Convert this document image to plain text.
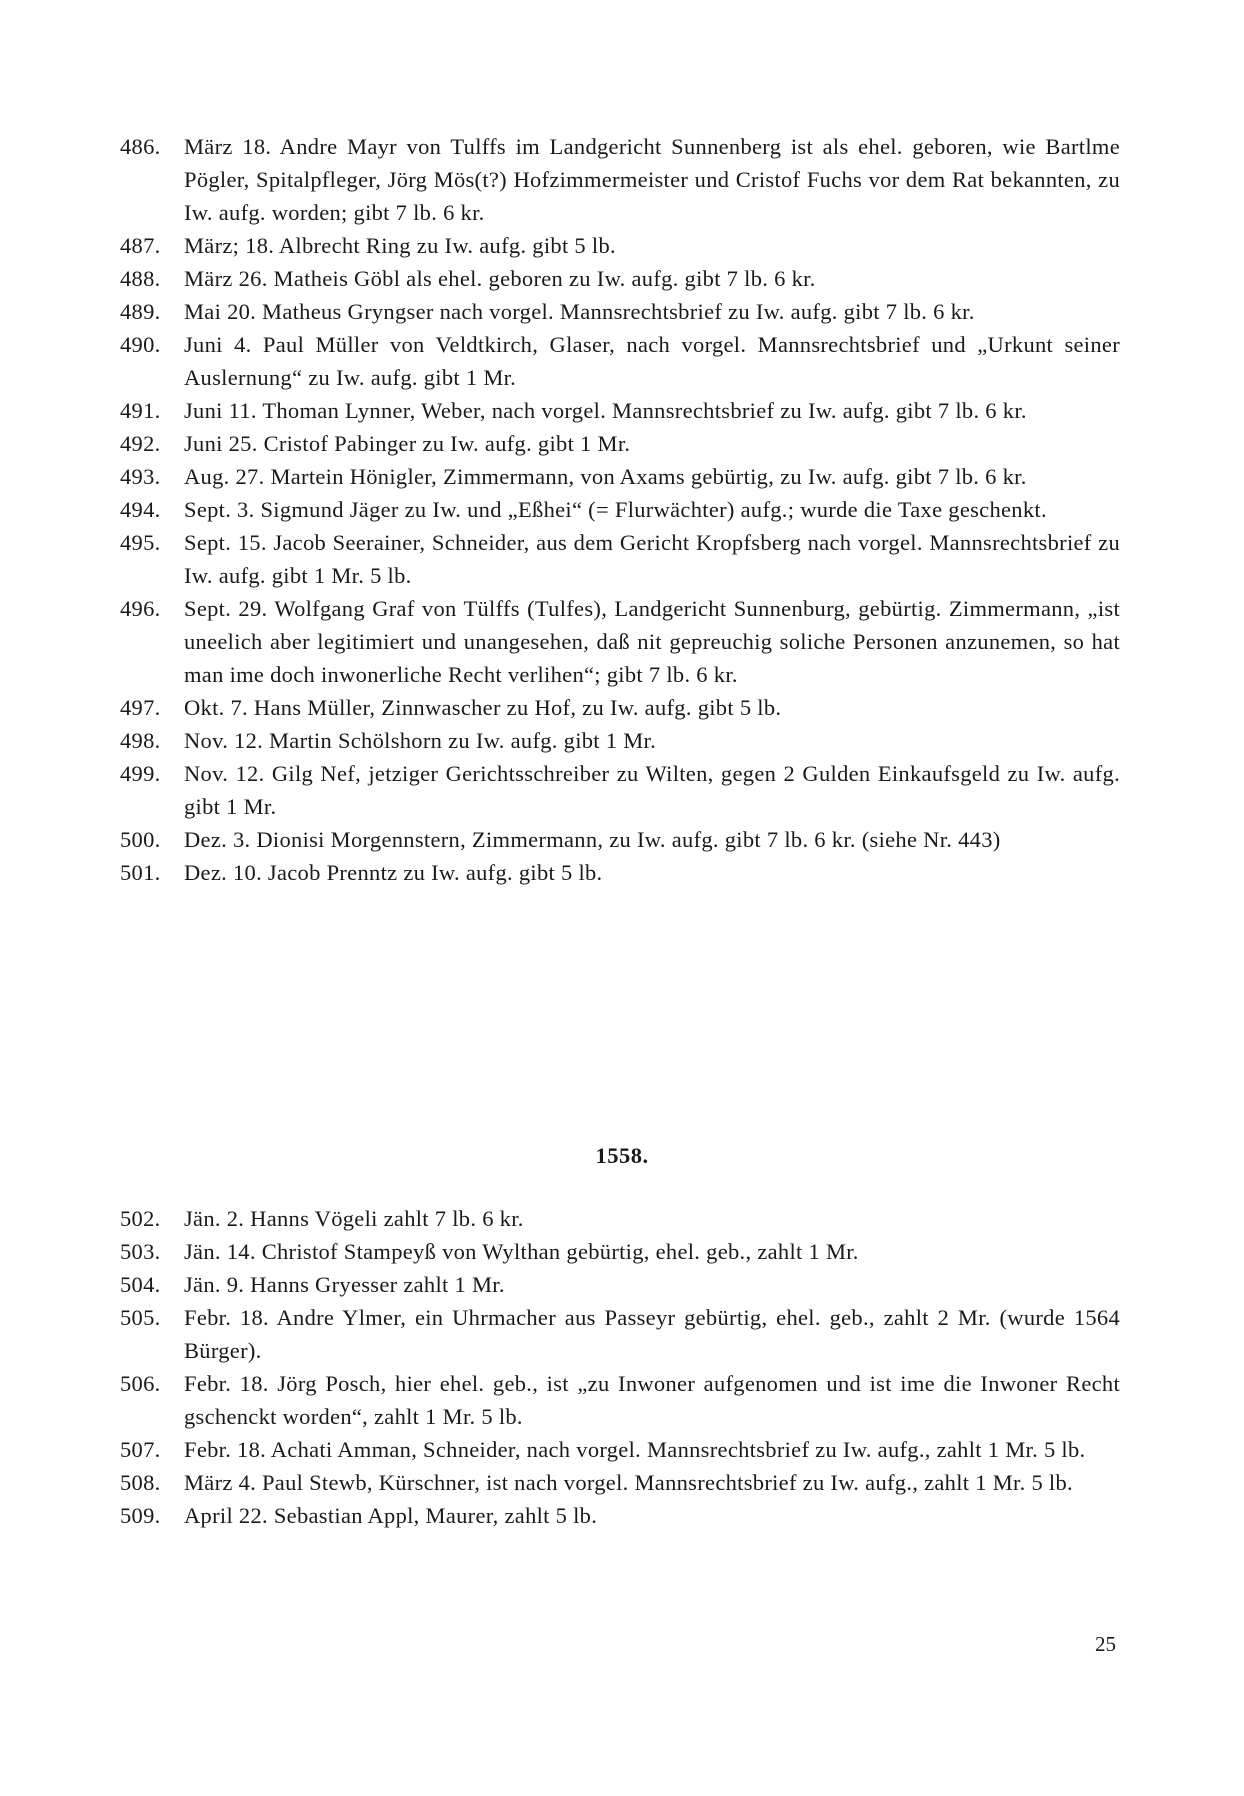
486.	März 18. Andre Mayr von Tulffs im Landgericht Sunnenberg ist als ehel. geboren, wie Bartlme Pögler, Spitalpfleger, Jörg Mös(t?) Hofzimmermeister und Cristof Fuchs vor dem Rat bekannten, zu Iw. aufg. worden; gibt 7 lb. 6 kr.
487.	März; 18. Albrecht Ring zu Iw. aufg. gibt 5 lb.
488.	März 26. Matheis Göbl als ehel. geboren zu Iw. aufg. gibt 7 lb. 6 kr.
489.	Mai 20. Matheus Gryngser nach vorgel. Mannsrechtsbrief zu Iw. aufg. gibt 7 lb. 6 kr.
490.	Juni 4. Paul Müller von Veldtkirch, Glaser, nach vorgel. Mannsrechtsbrief und „Urkunt seiner Auslernung“ zu Iw. aufg. gibt 1 Mr.
491.	Juni 11. Thoman Lynner, Weber, nach vorgel. Mannsrechtsbrief zu Iw. aufg. gibt 7 lb. 6 kr.
492.	Juni 25. Cristof Pabinger zu Iw. aufg. gibt 1 Mr.
493.	Aug. 27. Martein Hönigler, Zimmermann, von Axams gebürtig, zu Iw. aufg. gibt 7 lb. 6 kr.
494.	Sept. 3. Sigmund Jäger zu Iw. und „Eßhei“ (= Flurwächter) aufg.; wurde die Taxe geschenkt.
495.	Sept. 15. Jacob Seerainer, Schneider, aus dem Gericht Kropfsberg nach vorgel. Mannsrechtsbrief zu Iw. aufg. gibt 1 Mr. 5 lb.
496.	Sept. 29. Wolfgang Graf von Tülffs (Tulfes), Landgericht Sunnenburg, gebürtig. Zimmermann, „ist uneelich aber legitimiert und unangesehen, daß nit gepreuchig soliche Personen anzunemen, so hat man ime doch inwonerliche Recht verlihen“; gibt 7 lb. 6 kr.
497.	Okt. 7. Hans Müller, Zinnwascher zu Hof, zu Iw. aufg. gibt 5 lb.
498.	Nov. 12. Martin Schölshorn zu Iw. aufg. gibt 1 Mr.
499.	Nov. 12. Gilg Nef, jetziger Gerichtsschreiber zu Wilten, gegen 2 Gulden Einkaufsgeld zu Iw. aufg. gibt 1 Mr.
500.	Dez. 3. Dionisi Morgennstern, Zimmermann, zu Iw. aufg. gibt 7 lb. 6 kr. (siehe Nr. 443)
501.	Dez. 10. Jacob Prenntz zu Iw. aufg. gibt 5 lb.
1558.
502.	Jän. 2. Hanns Vögeli zahlt 7 lb. 6 kr.
503.	Jän. 14. Christof Stampeyß von Wylthan gebürtig, ehel. geb., zahlt 1 Mr.
504.	Jän. 9. Hanns Gryesser zahlt 1 Mr.
505.	Febr. 18. Andre Ylmer, ein Uhrmacher aus Passeyr gebürtig, ehel. geb., zahlt 2 Mr. (wurde 1564 Bürger).
506.	Febr. 18. Jörg Posch, hier ehel. geb., ist „zu Inwoner aufgenomen und ist ime die Inwoner Recht gschenckt worden“, zahlt 1 Mr. 5 lb.
507.	Febr. 18. Achati Amman, Schneider, nach vorgel. Mannsrechtsbrief zu Iw. aufg., zahlt 1 Mr. 5 lb.
508.	März 4. Paul Stewb, Kürschner, ist nach vorgel. Mannsrechtsbrief zu Iw. aufg., zahlt 1 Mr. 5 lb.
509.	April 22. Sebastian Appl, Maurer, zahlt 5 lb.
25
